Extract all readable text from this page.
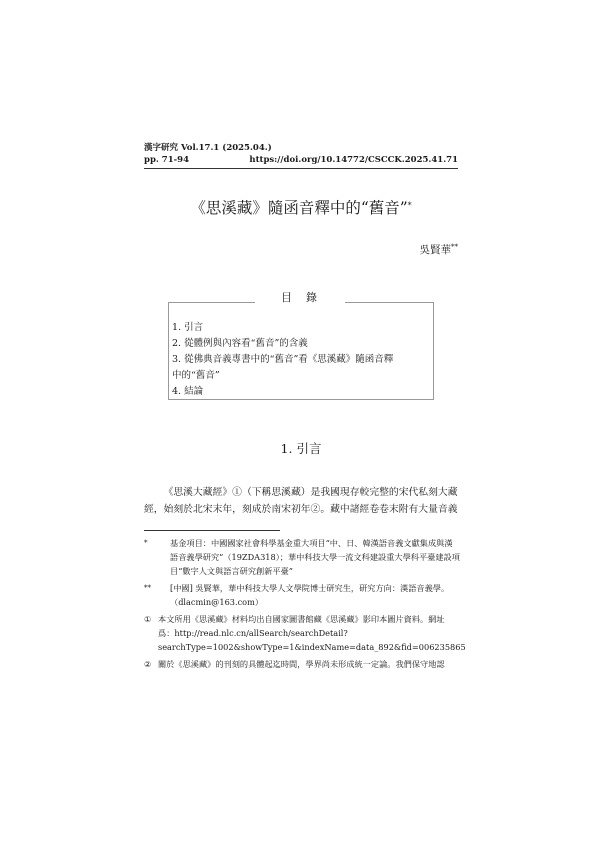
漢字研究 Vol.17.1 (2025.04.)
pp. 71-94	https://doi.org/10.14772/CSCCK.2025.41.71
《思溪藏》隨函音釋中的“舊音”*
吳賢華**
目錄
1. 引言
2. 從體例與內容看“舊音”的含義
3. 從佛典音義專書中的“舊音”看《思溪藏》隨函音釋
中的“舊音”
4. 結論
1. 引言

《思溪大藏經》①（下稱思溪藏）是我國現存較完整的宋代私刻大藏

經，始刻於北宋末年，刻成於南宋初年②。藏中諸經卷卷末附有大量音義
*	基金項目：中國國家社會科學基金重大項目“中、日、韓漢語音義文獻集成與漢語音義學研究”（19ZDA318）；華中科技大學一流文科建設重大學科平臺建設項目“數字人文與語言研究創新平臺”
** [中國] 吳賢華，華中科技大學人文學院博士研究生，研究方向：漢語音義學。（dlacmin@163.com）
① 本文所用《思溪藏》材料均出自國家圖書館藏《思溪藏》影印本圖片資料。網址爲：http://read.nlc.cn/allSearch/searchDetail?searchType=1002&showType=1&indexName=data_892&fid=006235865
② 關於《思溪藏》的刊刻的具體起迄時間，學界尚未形成統一定論。我們保守地認
